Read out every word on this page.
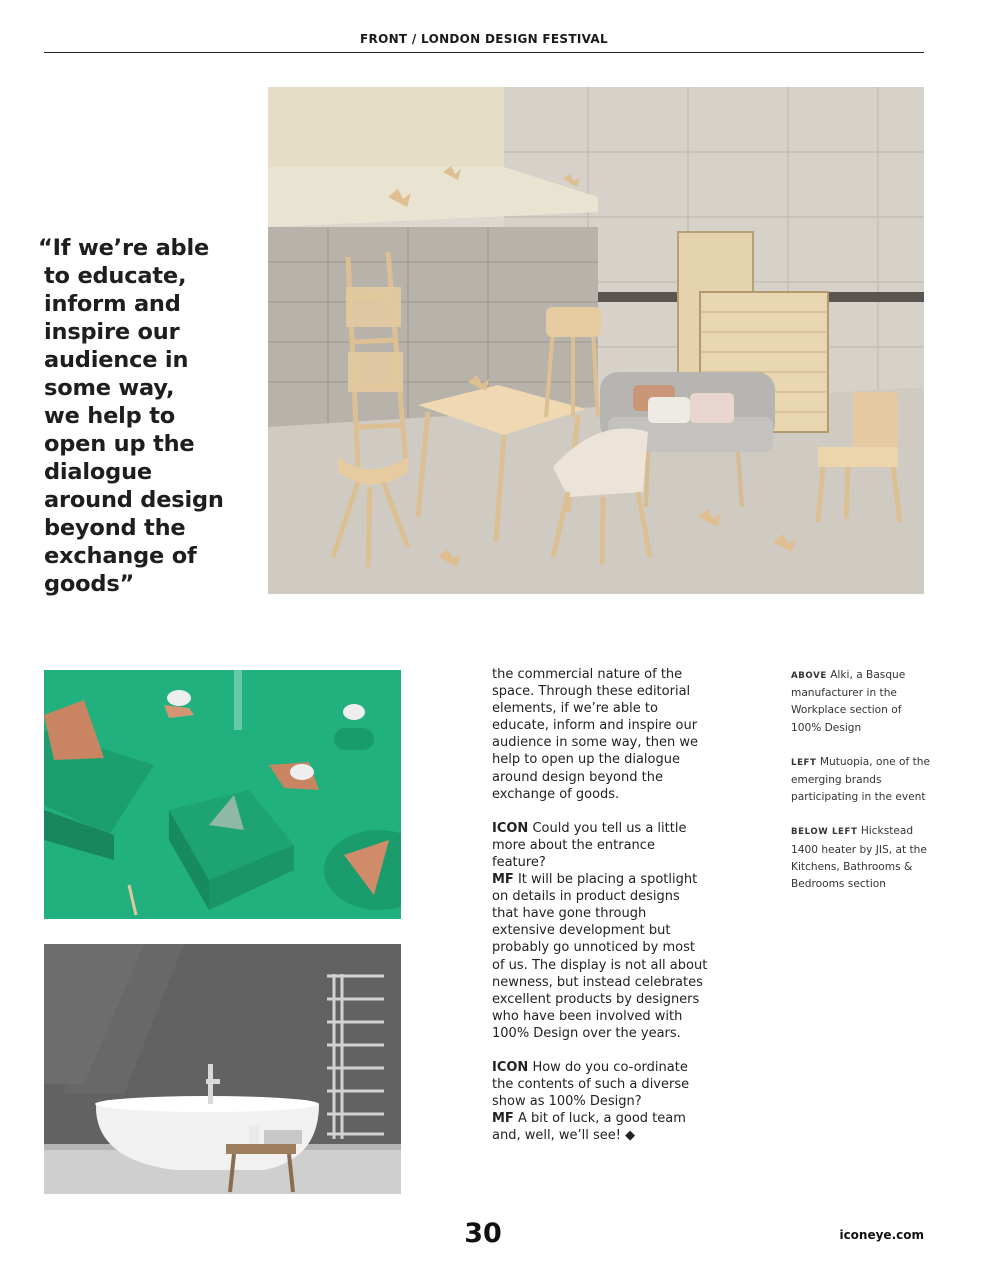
FRONT / LONDON DESIGN FESTIVAL
“If we’re able
to educate,
inform and
inspire our
audience in
some way,
we help to
open up the
dialogue
around design
beyond the
exchange of
goods”

the commercial nature of the space. Through these editorial elements, if we’re able to educate, inform and inspire our audience in some way, then we help to open up the dialogue around design beyond the exchange of goods.

ICON Could you tell us a little more about the entrance feature?
MF It will be placing a spotlight on details in product designs that have gone through extensive development but probably go unnoticed by most of us. The display is not all about newness, but instead celebrates excellent products by designers who have been involved with 100% Design over the years.

ICON How do you co-ordinate the contents of such a diverse show as 100% Design?
MF A bit of luck, a good team and, well, we’ll see! ◆

ABOVE Alki, a Basque manufacturer in the Workplace section of 100% Design

LEFT Mutuopia, one of the emerging brands participating in the event

BELOW LEFT Hickstead 1400 heater by JIS, at the Kitchens, Bathrooms & Bedrooms section

30	iconeye.com
